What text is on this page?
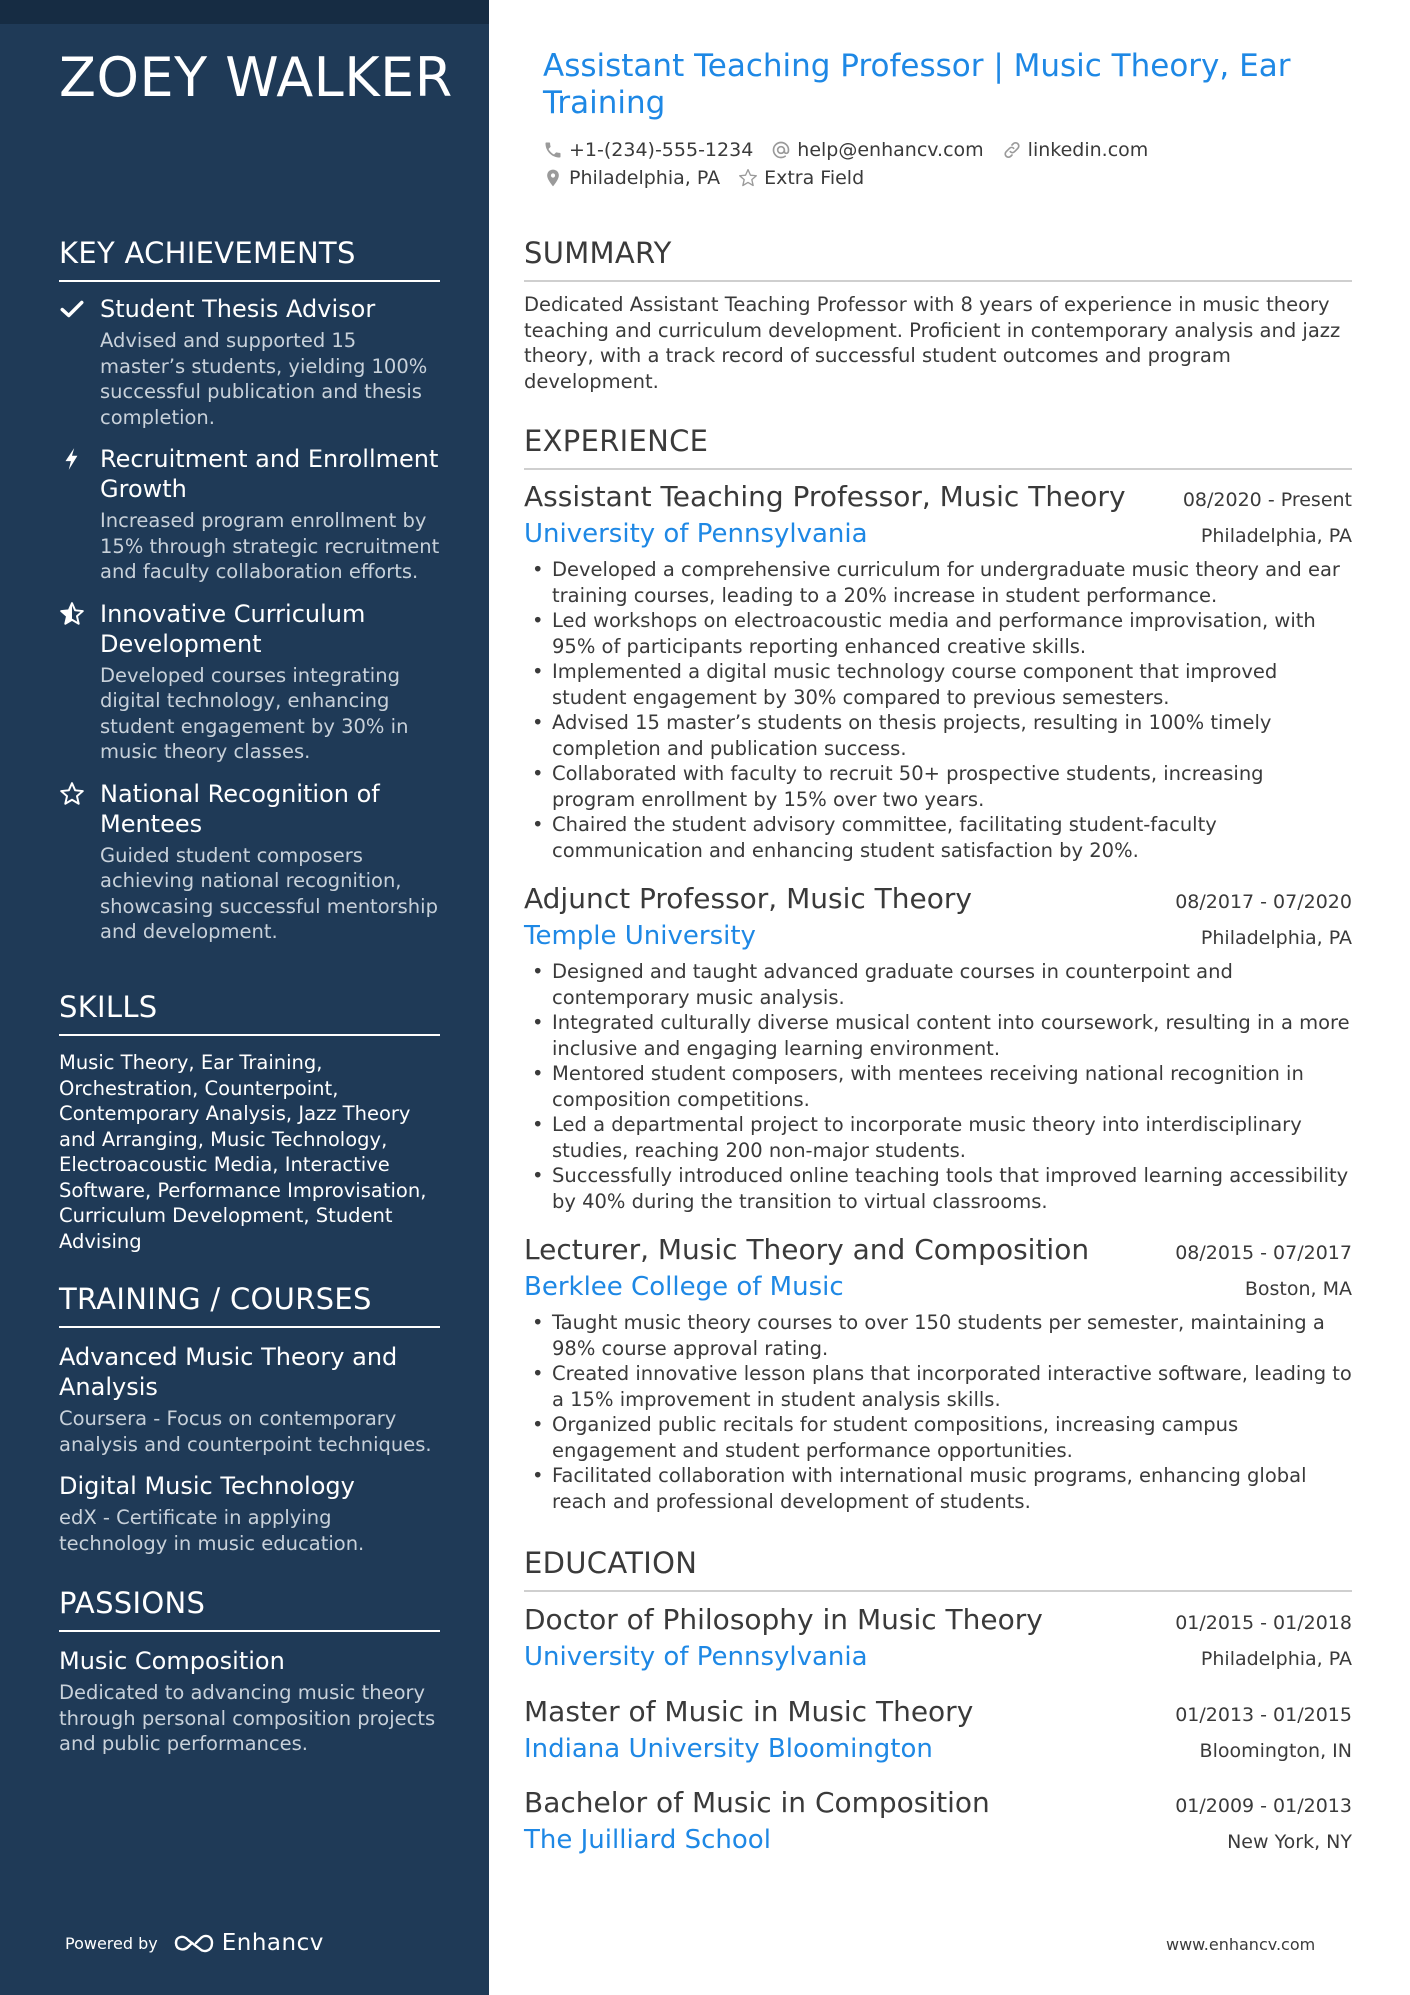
ZOEY WALKER
KEY ACHIEVEMENTS
Student Thesis Advisor
Advised and supported 15 master’s students, yielding 100% successful publication and thesis completion.
Recruitment and Enrollment Growth
Increased program enrollment by 15% through strategic recruitment and faculty collaboration efforts.
Innovative Curriculum Development
Developed courses integrating digital technology, enhancing student engagement by 30% in music theory classes.
National Recognition of Mentees
Guided student composers achieving national recognition, showcasing successful mentorship and development.
SKILLS
Music Theory, Ear Training, Orchestration, Counterpoint, Contemporary Analysis, Jazz Theory and Arranging, Music Technology, Electroacoustic Media, Interactive Software, Performance Improvisation, Curriculum Development, Student Advising
TRAINING / COURSES
Advanced Music Theory and Analysis
Coursera - Focus on contemporary analysis and counterpoint techniques.
Digital Music Technology
edX - Certificate in applying technology in music education.
PASSIONS
Music Composition
Dedicated to advancing music theory through personal composition projects and public performances.
Powered by	Enhancv
Assistant Teaching Professor | Music Theory, Ear Training
+1-(234)-555-1234 help@enhancv.com linkedin.com
Philadelphia, PA Extra Field
SUMMARY
Dedicated Assistant Teaching Professor with 8 years of experience in music theory teaching and curriculum development. Proficient in contemporary analysis and jazz theory, with a track record of successful student outcomes and program development.
EXPERIENCE
Assistant Teaching Professor, Music Theory	08/2020 - Present
University of Pennsylvania	Philadelphia, PA
• Developed a comprehensive curriculum for undergraduate music theory and ear training courses, leading to a 20% increase in student performance.
• Led workshops on electroacoustic media and performance improvisation, with 95% of participants reporting enhanced creative skills.
• Implemented a digital music technology course component that improved student engagement by 30% compared to previous semesters.
• Advised 15 master’s students on thesis projects, resulting in 100% timely completion and publication success.
• Collaborated with faculty to recruit 50+ prospective students, increasing program enrollment by 15% over two years.
• Chaired the student advisory committee, facilitating student-faculty communication and enhancing student satisfaction by 20%.
Adjunct Professor, Music Theory	08/2017 - 07/2020
Temple University	Philadelphia, PA
• Designed and taught advanced graduate courses in counterpoint and contemporary music analysis.
• Integrated culturally diverse musical content into coursework, resulting in a more inclusive and engaging learning environment.
• Mentored student composers, with mentees receiving national recognition in composition competitions.
• Led a departmental project to incorporate music theory into interdisciplinary studies, reaching 200 non-major students.
• Successfully introduced online teaching tools that improved learning accessibility by 40% during the transition to virtual classrooms.
Lecturer, Music Theory and Composition	08/2015 - 07/2017
Berklee College of Music	Boston, MA
• Taught music theory courses to over 150 students per semester, maintaining a 98% course approval rating.
• Created innovative lesson plans that incorporated interactive software, leading to a 15% improvement in student analysis skills.
• Organized public recitals for student compositions, increasing campus engagement and student performance opportunities.
• Facilitated collaboration with international music programs, enhancing global reach and professional development of students.
EDUCATION
Doctor of Philosophy in Music Theory	01/2015 - 01/2018
University of Pennsylvania	Philadelphia, PA
Master of Music in Music Theory	01/2013 - 01/2015
Indiana University Bloomington	Bloomington, IN
Bachelor of Music in Composition	01/2009 - 01/2013
The Juilliard School	New York, NY
www.enhancv.com
